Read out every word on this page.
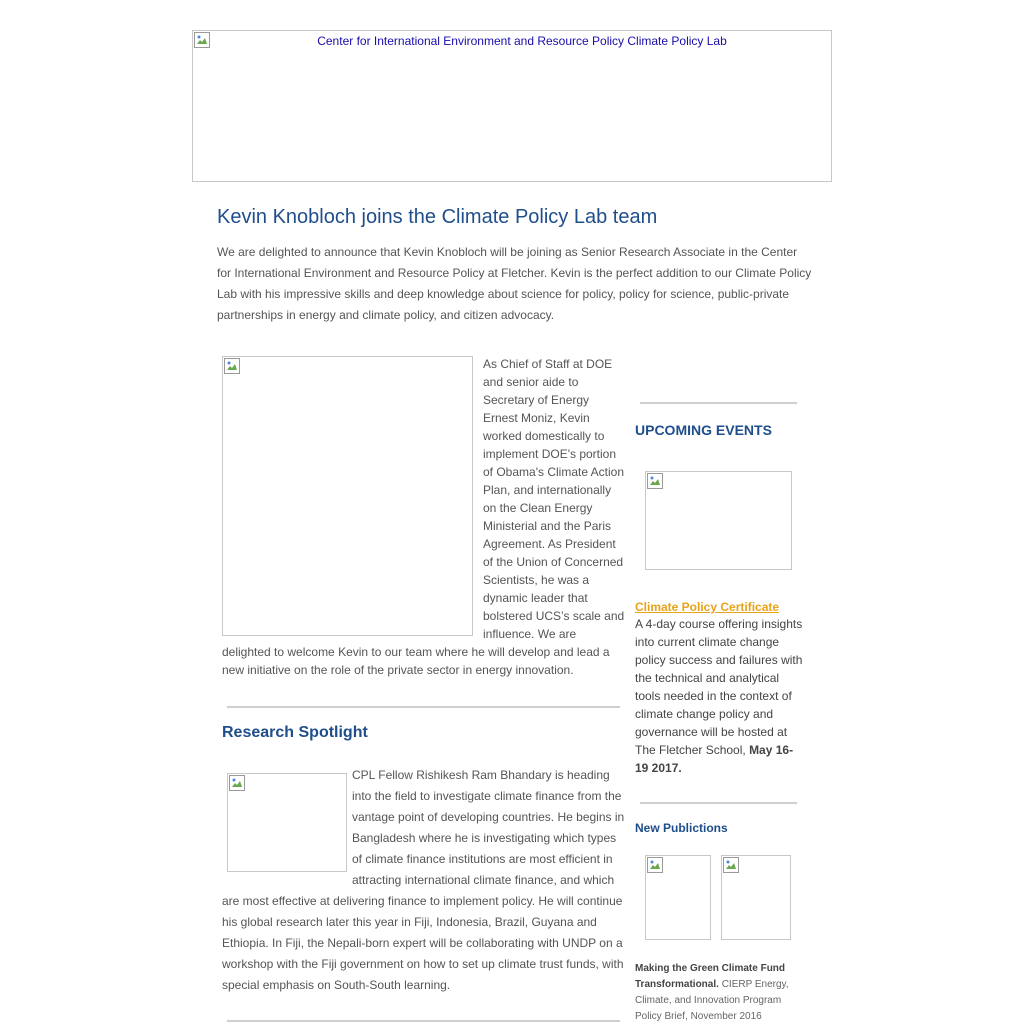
Center for International Environment and Resource Policy Climate Policy Lab
Kevin Knobloch joins the Climate Policy Lab team

We are delighted to announce that Kevin Knobloch will be joining as Senior Research Associate in the Center for International Environment and Resource Policy at Fletcher. Kevin is the perfect addition to our Climate Policy Lab with his impressive skills and deep knowledge about science for policy, policy for science, public-private partnerships in energy and climate policy, and citizen advocacy.

As Chief of Staff at DOE and senior aide to Secretary of Energy Ernest Moniz, Kevin worked domestically to implement DOE's portion of Obama's Climate Action Plan, and internationally on the Clean Energy Ministerial and the Paris Agreement. As President of the Union of Concerned Scientists, he was a dynamic leader that bolstered UCS’s scale and influence. We are delighted to welcome Kevin to our team where he will develop and lead a new initiative on the role of the private sector in energy innovation.
Research Spotlight
CPL Fellow Rishikesh Ram Bhandary is heading into the field to investigate climate finance from the vantage point of developing countries. He begins in Bangladesh where he is investigating which types of climate finance institutions are most efficient in attracting international climate finance, and which are most effective at delivering finance to implement policy. He will continue his global research later this year in Fiji, Indonesia, Brazil, Guyana and Ethiopia. In Fiji, the Nepali-born expert will be collaborating with UNDP on a workshop with the Fiji government on how to set up climate trust funds, with special emphasis on South-South learning.
UPCOMING EVENTS
Climate Policy Certificate
A 4-day course offering insights into current climate change policy success and failures with the technical and analytical tools needed in the context of climate change policy and governance will be hosted at The Fletcher School, May 16-19 2017.
New Publictions
Making the Green Climate Fund Transformational. CIERP Energy, Climate, and Innovation Program Policy Brief, November 2016
